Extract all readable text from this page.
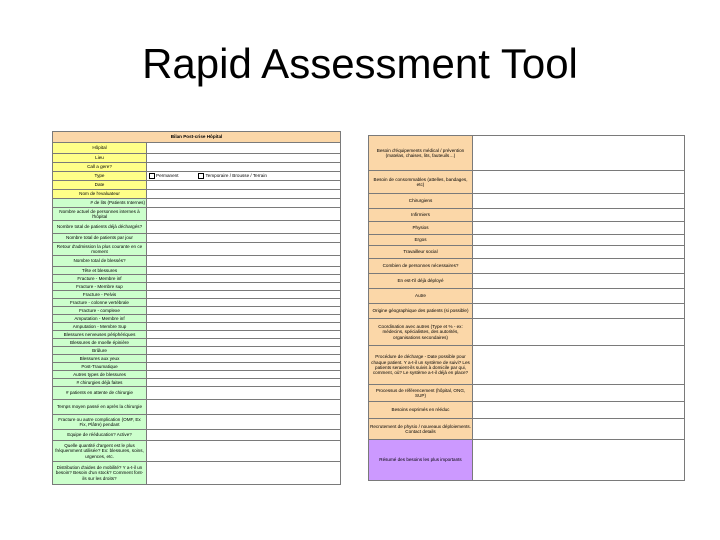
Rapid Assessment Tool
Bilan Post-crise Hôpital	
Hôpital	
Lieu	
Call a gere?	
Type	Permanent Temporaire / Brousse / Terrain
Date	
Nom de l'evaluateur	
# de lits (Patients Internes)	
Nombre actuel de personnes internes à l'hôpital	
Nombre total de patients déjà déchargés?	
Nombre total de patients par jour	
Retour d'admission la plus courante en ce moment	
Nombre total de blessés?	
Tête et blessures	
Fracture - Membre inf	
Fracture - Membre sup	
Fracture - Pelvis	
Fracture - colonne vertébrale	
Fracture - complexe	
Amputation - Membre inf	
Amputation - Membre Sup	
Blessures nerveuses périphériques	
Blessures de moelle épinière	
Brûlure	
Blessures aux yeux	
Post-Traumatique	
Autres types de blessures	
# chirurgies déjà faites	
# patients en attente de chirurgie	
Temps moyen passé en après la chirurgie	
Fracture ou autre complication (OMF, Ex Fix, Plâtre) pendant	
Equipe de rééducation? Active?	
Quelle quantité d'argent est le plus fréquemment utilisée? Ex: blessures, soins, urgences, etc.	
Distribution d'aides de mobilité? Y a-t-il un besoin? Besoin d'un stock? Comment font-ils sur les droits?	
Besoin d'équipements médical / prévention (matelas, chaises, lits, fauteuils…)	
Besoin de consommables (attelles, bandages, etc)	
Chirurgiens	
Infirmiers	
Physios	
Ergos	
Travailleur social	
Combien de personnes nécessaires?	
En est-t'il déjà déployé	
Autre	
Origine géographique des patients (si possible)	
Coordination avec autres (Type et % - ex: médecins, spécialistes, des autorités, organisations secondaires)	
Procédure de décharge - Date possible pour chaque patient. Y a-t-il un système de suivi? Les patients seraient-ils suivis à domicile par qui, comment, où? Le système a-t-il déjà en place?	
Processus de référencement (hôpital, ONG, SUP)	
Besoins exprimés en rééduc	
Recrutement de physio / nouveaux déploiements. Contact details	
Résumé des besoins les plus importants	
